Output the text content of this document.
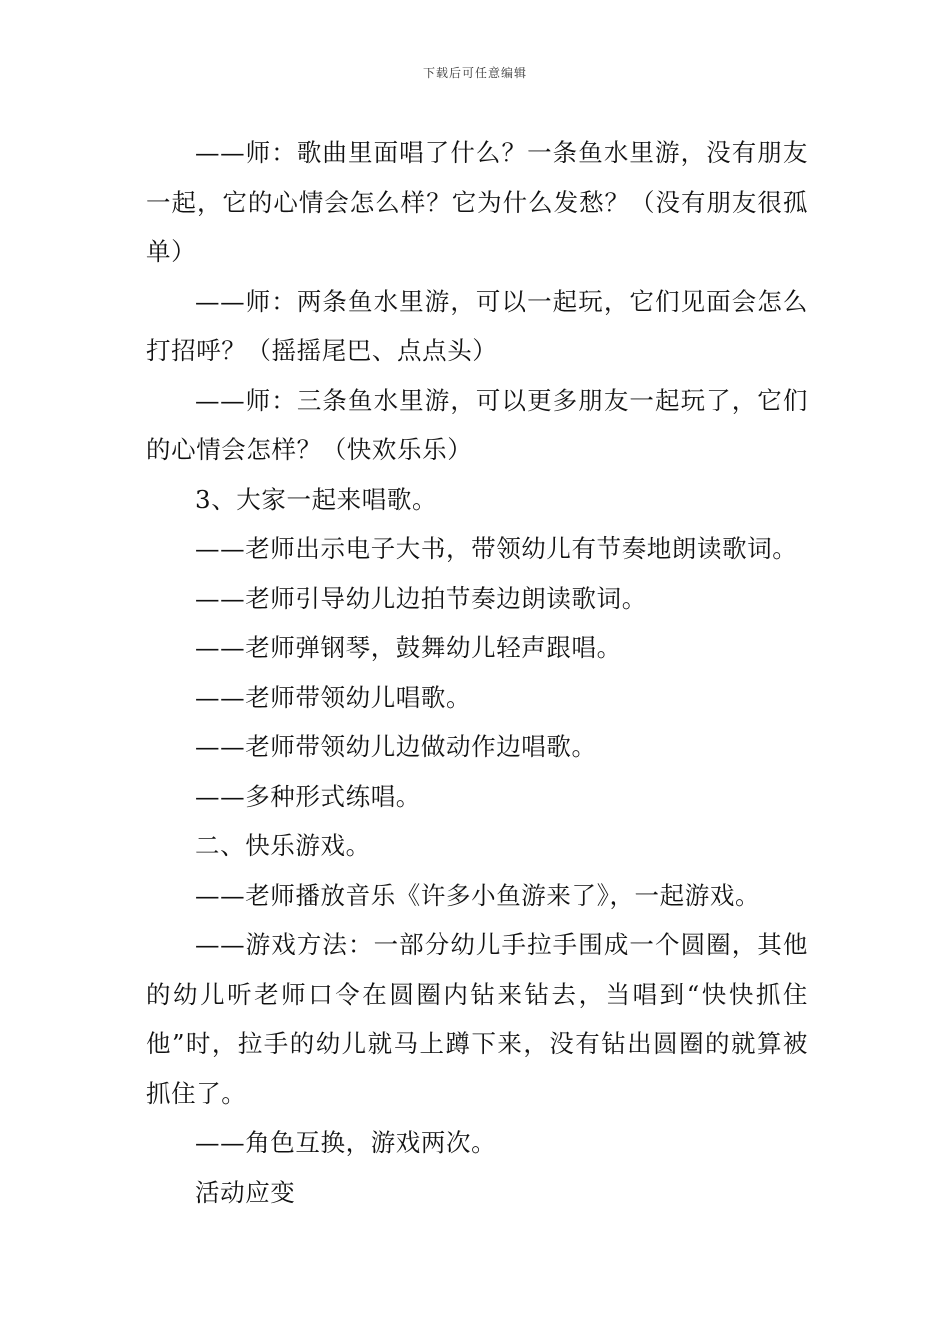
下载后可任意编辑

——师：歌曲里面唱了什么？一条鱼水里游，没有朋友一起，它的心情会怎么样？它为什么发愁？（没有朋友很孤单）

——师：两条鱼水里游，可以一起玩，它们见面会怎么打招呼？（摇摇尾巴、点点头）

——师：三条鱼水里游，可以更多朋友一起玩了，它们的心情会怎样？（快欢乐乐）

3、大家一起来唱歌。

——老师出示电子大书，带领幼儿有节奏地朗读歌词。

——老师引导幼儿边拍节奏边朗读歌词。

——老师弹钢琴，鼓舞幼儿轻声跟唱。

——老师带领幼儿唱歌。

——老师带领幼儿边做动作边唱歌。

——多种形式练唱。

二、快乐游戏。

——老师播放音乐《许多小鱼游来了》，一起游戏。

——游戏方法：一部分幼儿手拉手围成一个圆圈，其他的幼儿听老师口令在圆圈内钻来钻去，当唱到“快快抓住他”时，拉手的幼儿就马上蹲下来，没有钻出圆圈的就算被抓住了。

——角色互换，游戏两次。

活动应变
